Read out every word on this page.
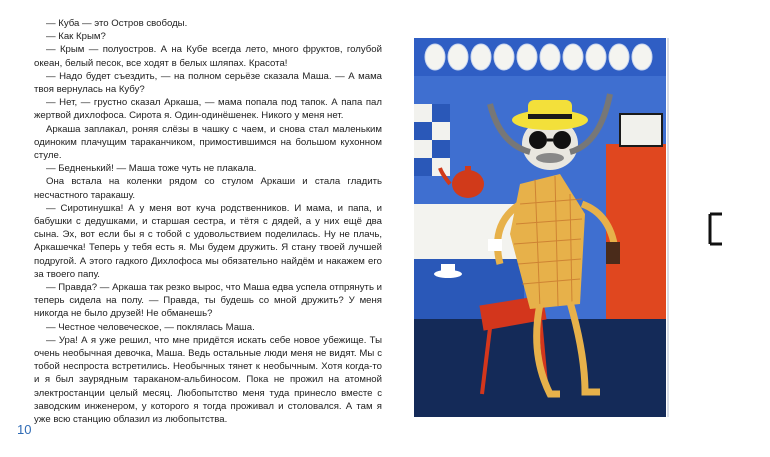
— Куба — это Остров свободы.

— Как Крым?

— Крым — полуостров. А на Кубе всегда лето, много фруктов, голубой океан, белый песок, все ходят в белых шляпах. Красота!

— Надо будет съездить, — на полном серьёзе сказала Маша. — А мама твоя вернулась на Кубу?

— Нет, — грустно сказал Аркаша, — мама попала под тапок. А папа пал жертвой дихлофоса. Сирота я. Один-одинёшенек. Никого у меня нет.

Аркаша заплакал, роняя слёзы в чашку с чаем, и снова стал маленьким одиноким плачущим тараканчиком, примостившимся на большом кухонном стуле.

— Бедненький! — Маша тоже чуть не плакала.

Она встала на коленки рядом со стулом Аркаши и стала гладить несчастного таракашу.

— Сиротинушка! А у меня вот куча родственников. И мама, и папа, и бабушки с дедушками, и старшая сестра, и тётя с дядей, а у них ещё два сына. Эх, вот если бы я с тобой с удовольствием поделилась. Ну не плачь, Аркашечка! Теперь у тебя есть я. Мы будем дружить. Я стану твоей лучшей подругой. А этого гадкого Дихлофоса мы обязательно найдём и накажем его за твоего папу.

— Правда? — Аркаша так резко вырос, что Маша едва успела отпрянуть и теперь сидела на полу. — Правда, ты будешь со мной дружить? У меня никогда не было друзей! Не обманешь?

— Честное человеческое, — поклялась Маша.

— Ура! А я уже решил, что мне придётся искать себе новое убежище. Ты очень необычная девочка, Маша. Ведь остальные люди меня не видят. Мы с тобой неспроста встретились. Необычных тянет к необычным. Хотя когда-то и я был заурядным тараканом-альбиносом. Пока не прожил на атомной электростанции целый месяц. Любопытство меня туда принесло вместе с заводским инженером, у которого я тогда проживал и столовался. А там я уже всю станцию облазил из любопытства.

10
